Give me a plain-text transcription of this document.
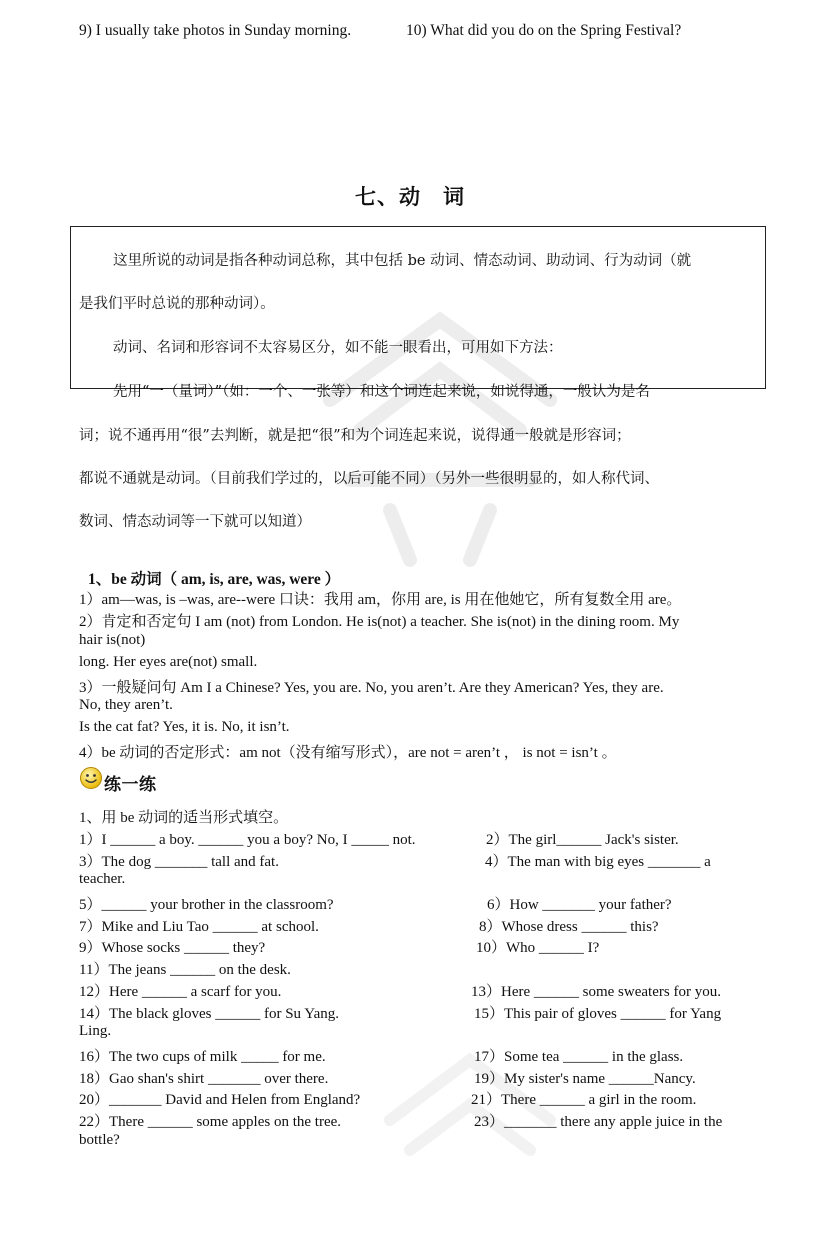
9) I usually take photos in Sunday morning.	10) What did you do on the Spring Festival?
七、动　词
这里所说的动词是指各种动词总称，其中包括 be 动词、情态动词、助动词、行为动词（就
是我们平时总说的那种动词）。
动词、名词和形容词不太容易区分，如不能一眼看出，可用如下方法：
先用“一（量词）”（如：一个、一张等）和这个词连起来说，如说得通，一般认为是名
词；说不通再用“很”去判断，就是把“很”和为个词连起来说，说得通一般就是形容词；
都说不通就是动词。（目前我们学过的，以后可能不同）（另外一些很明显的，如人称代词、
数词、情态动词等一下就可以知道）
1、be 动词（ am, is, are, was, were ）
1）am—was, is –was, are--were 口诀：我用 am，你用 are, is 用在他她它，所有复数全用 are。
2）肯定和否定句 I am (not) from London. He is(not) a teacher. She is(not) in the dining room. My
hair is(not)
long. Her eyes are(not) small.
3）一般疑问句 Am I a Chinese? Yes, you are. No, you aren’t. Are they American? Yes, they are.
No, they aren’t.
Is the cat fat? Yes, it is. No, it isn’t.
4）be 动词的否定形式：am not（没有缩写形式），are not = aren’t ， is not = isn’t 。
练一练
1、用 be 动词的适当形式填空。
1）I ______ a boy. ______ you a boy? No, I _____ not.	2）The girl______ Jack's sister.
3）The dog _______ tall and fat.	4）The man with big eyes _______ a
teacher.
5）______ your brother in the classroom?	6）How _______ your father?
7）Mike and Liu Tao ______ at school.	8）Whose dress ______ this?
9）Whose socks ______ they?	10）Who ______ I?
11）The jeans ______ on the desk.
12）Here ______ a scarf for you.	13）Here ______ some sweaters for you.
14）The black gloves ______ for Su Yang.	15）This pair of gloves ______ for Yang
Ling.
16）The two cups of milk _____ for me.	17）Some tea ______ in the glass.
18）Gao shan's shirt _______ over there.	19）My sister's name ______Nancy.
20）_______ David and Helen from England?	21）There ______ a girl in the room.
22）There ______ some apples on the tree.	23）_______ there any apple juice in the
bottle?
